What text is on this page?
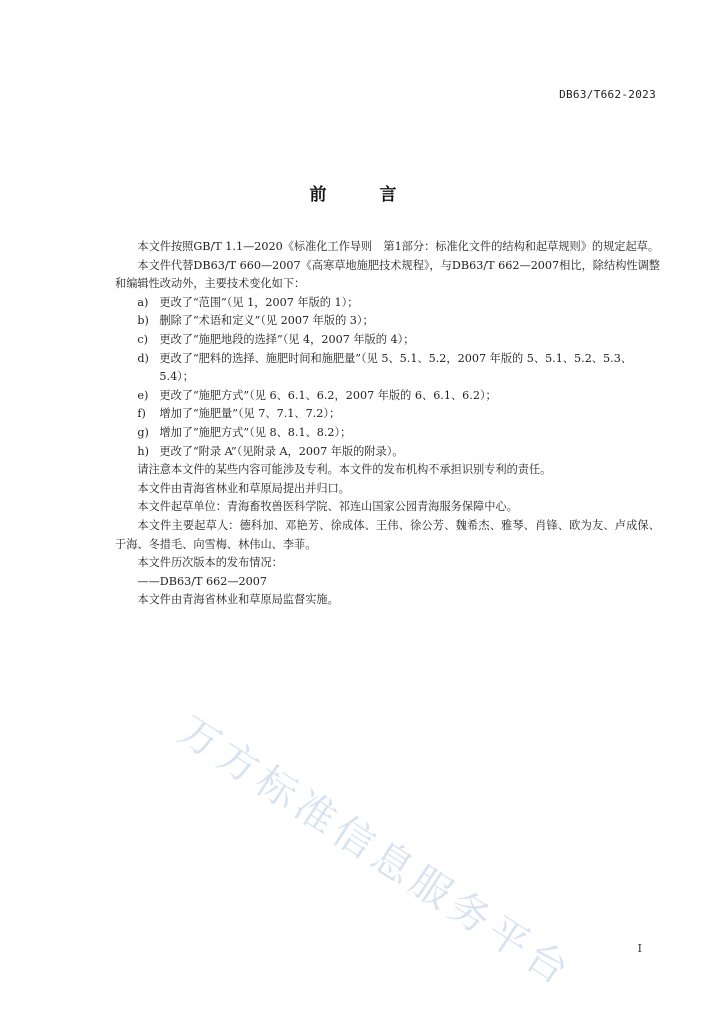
DB63/T662-2023
前　言
万方标准信息服务平台

本文件按照GB/T 1.1—2020《标准化工作导则　第1部分：标准化文件的结构和起草规则》的规定起草。

本文件代替DB63/T 660—2007《高寒草地施肥技术规程》，与DB63/T 662—2007相比，除结构性调整和编辑性改动外，主要技术变化如下：

a) 更改了“范围”（见 1，2007 年版的 1）；
b) 删除了“术语和定义”（见 2007 年版的 3）；
c) 更改了“施肥地段的选择”（见 4，2007 年版的 4）；
d) 更改了“肥料的选择、施肥时间和施肥量”（见 5、5.1、5.2，2007 年版的 5、5.1、5.2、5.3、5.4）；
e) 更改了“施肥方式”（见 6、6.1、6.2，2007 年版的 6、6.1、6.2）；
f) 增加了“施肥量”（见 7、7.1、7.2）；
g) 增加了“施肥方式”（见 8、8.1、8.2）；
h) 更改了“附录 A”（见附录 A，2007 年版的附录）。

请注意本文件的某些内容可能涉及专利。本文件的发布机构不承担识别专利的责任。

本文件由青海省林业和草原局提出并归口。

本文件起草单位：青海畜牧兽医科学院、祁连山国家公园青海服务保障中心。

本文件主要起草人：德科加、邓艳芳、徐成体、王伟、徐公芳、魏希杰、雅琴、肖锋、欧为友、卢成保、于海、冬措毛、向雪梅、林伟山、李菲。

本文件历次版本的发布情况：

——DB63/T 662—2007

本文件由青海省林业和草原局监督实施。

I
